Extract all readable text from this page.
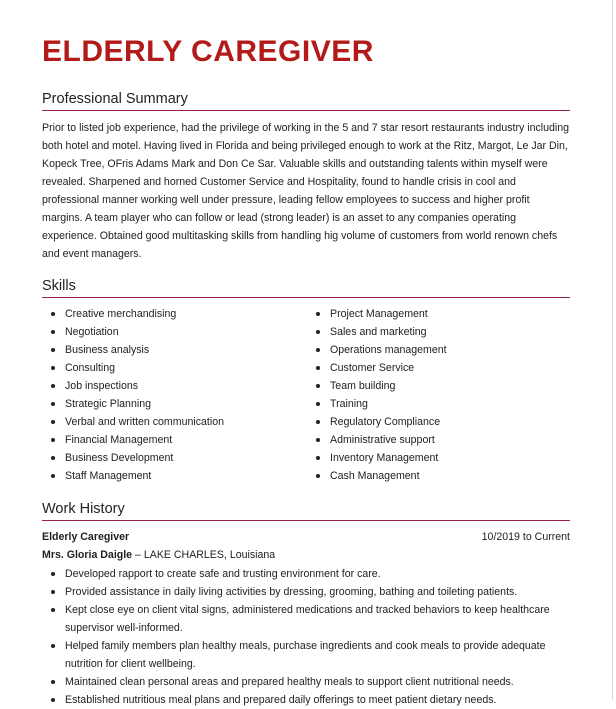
ELDERLY CAREGIVER
Professional Summary
Prior to listed job experience, had the privilege of working in the 5 and 7 star resort restaurants industry including both hotel and motel. Having lived in Florida and being privileged enough to work at the Ritz, Margot, Le Jar Din, Kopeck Tree, OFris Adams Mark and Don Ce Sar. Valuable skills and outstanding talents within myself were revealed. Sharpened and horned Customer Service and Hospitality, found to handle crisis in cool and professional manner working well under pressure, leading fellow employees to success and higher profit margins. A team player who can follow or lead (strong leader) is an asset to any companies operating experience. Obtained good multitasking skills from handling hig volume of customers from world renown chefs and event managers.
Skills
Creative merchandising
Negotiation
Business analysis
Consulting
Job inspections
Strategic Planning
Verbal and written communication
Financial Management
Business Development
Staff Management
Project Management
Sales and marketing
Operations management
Customer Service
Team building
Training
Regulatory Compliance
Administrative support
Inventory Management
Cash Management
Work History
Elderly Caregiver	10/2019 to Current
Mrs. Gloria Daigle – LAKE CHARLES, Louisiana
Developed rapport to create safe and trusting environment for care.
Provided assistance in daily living activities by dressing, grooming, bathing and toileting patients.
Kept close eye on client vital signs, administered medications and tracked behaviors to keep healthcare supervisor well-informed.
Helped family members plan healthy meals, purchase ingredients and cook meals to provide adequate nutrition for client wellbeing.
Maintained clean personal areas and prepared healthy meals to support client nutritional needs.
Established nutritious meal plans and prepared daily offerings to meet patient dietary needs.
